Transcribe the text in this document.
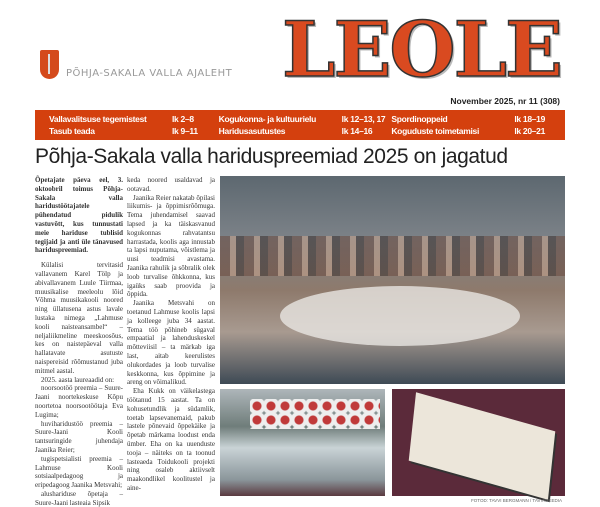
PÕHJA-SAKALA VALLA AJALEHT LEOLE
November 2025, nr 11 (308)
Vallavalitsuse tegemistest	lk 2–8
Tasub teada	lk 9–11
Kogukonna- ja kultuurielu	lk 12–13, 17
Haridusasutustes	lk 14–16
Spordinoppeid	lk 18–19
Koguduste toimetamisi	lk 20–21
Põhja-Sakala valla hariduspreemiad 2025 on jagatud

Õpetajate päeva eel, 3. oktoobril toimus Põhja-Sakala valla haridustöötajatele pühendatud pidulik vastuvõtt, kus tunnustati meie hariduse tublisid tegijaid ja anti üle tänavused hariduspreemiad.

Külalisi tervitasid vallavanem Karel Tölp ja abivallavanem Luule Tiirmaa, muusikalise meeleolu lõid Võhma muusikakooli noored ning üllatusena astus lavale lustaka nimega „Lahmuse kooli naisteansambel“ – neljaliikmeline meeskoosõus, kes on naistepäeval valla hallatavate asutuste naispereisid rõõmustanud juba mitmel aastal.

2025. aasta laureaadid on:

noorsootöö preemia – Suure-Jaani noortekeskuse Kõpu noortetoa noorsootöötaja Eva Lugima;

huviharidustöö preemia – Suure-Jaani Kooli tantsuringide juhendaja Jaanika Reier;

tugispetsialisti preemia – Lahmuse Kooli sotsiaalpedagoog ja eripedagoog Jaanika Metsvahi;

alushariduse õpetaja – Suure-Jaani lasteaia Sipsik

keda noored usaldavad ja ootavad.

Jaanika Reier nakatab õpilasi liikumis- ja õppimisrõõmuga. Tema juhendamisel saavad lapsed ja ka täiskasvanud kogukonnas rahvatantsu harrastada, koolis aga innustab ta lapsi nuputama, võistlema ja uusi teadmisi avastama. Jaanika rahulik ja sõbralik olek loob turvalise õhkkonna, kus igaüks saab proovida ja õppida.

Jaanika Metsvahi on toetanud Lahmuse koolis lapsi ja kolleege juba 34 aastat. Tema töö põhineb sügaval empaatial ja lahenduskeskel mõtteviisil – ta märkab iga last, aitab keerulistes olukordades ja loob turvalise keskkonna, kus õppimine ja areng on võimalikud.

Eha Kukk on väikelastega töötanud 15 aastat. Ta on kohusetundlik ja südamlik, toetab lapsevanemaid, pakub lastele põnevaid õppekäike ja õpetab märkama loodust enda ümber. Eha on ka uuenduste tooja – näiteks on ta toonud lasteaeda Toidukooli projekti ning osaleb aktiivselt maakondlikel koolitustel ja aine-

FOTOD: TAVVI BERGMANN / TAVVIMEEDIA
